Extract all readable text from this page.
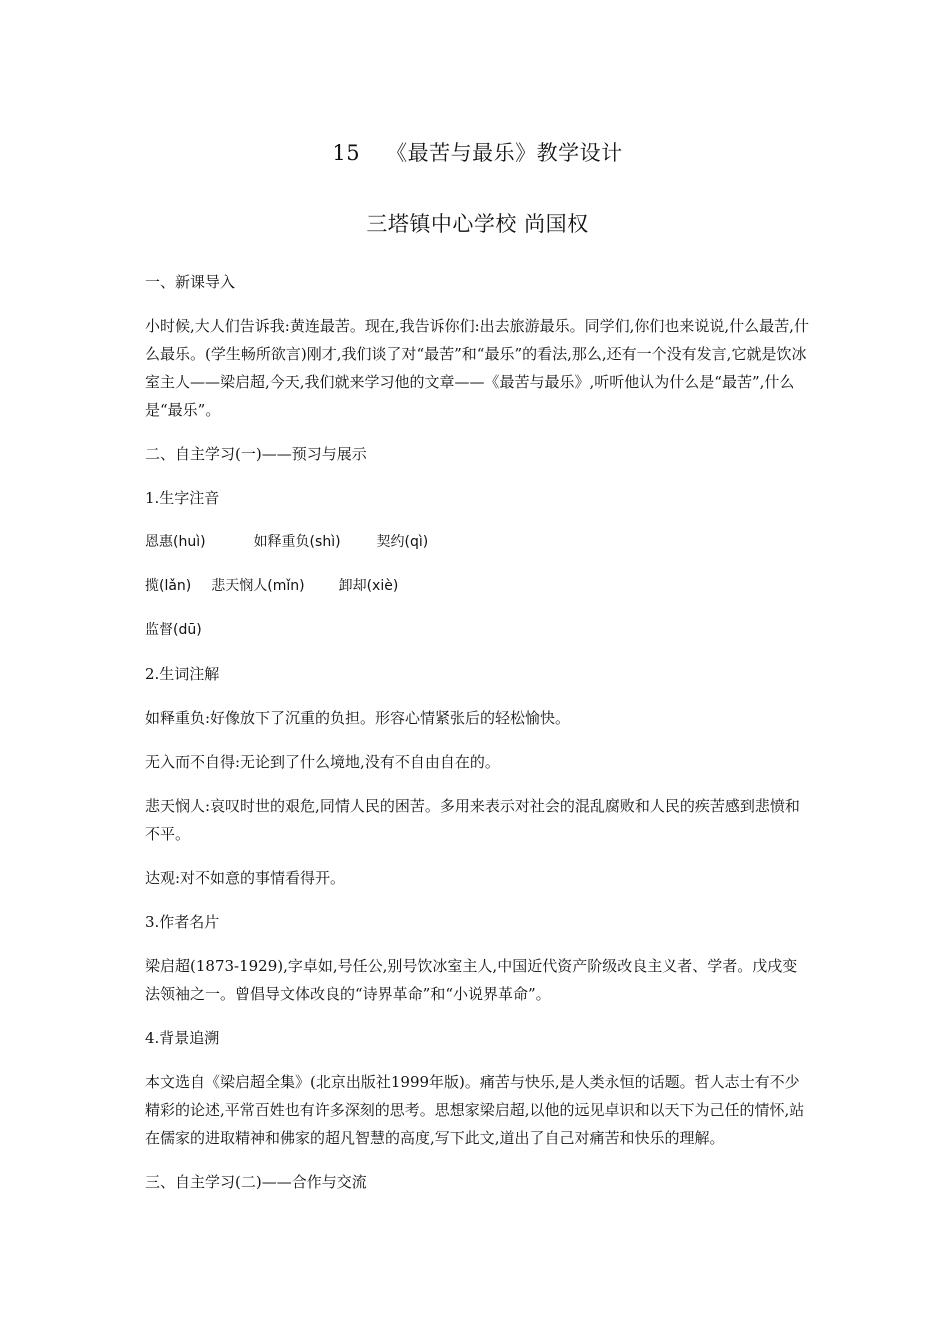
15 《最苦与最乐》教学设计
三塔镇中心学校 尚国权

一、新课导入

小时候,大人们告诉我:黄连最苦。现在,我告诉你们:出去旅游最乐。同学们,你们也来说说,什么最苦,什么最乐。(学生畅所欲言)刚才,我们谈了对“最苦”和“最乐”的看法,那么,还有一个没有发言,它就是饮冰室主人——梁启超,今天,我们就来学习他的文章——《最苦与最乐》,听听他认为什么是“最苦”,什么是“最乐”。

二、自主学习(一)——预习与展示

1.生字注音

恩惠(huì)	如释重负(shì)	契约(qì)

揽(lǎn) 悲天悯人(mǐn) 卸却(xiè)

监督(dū)

2.生词注解

如释重负:好像放下了沉重的负担。形容心情紧张后的轻松愉快。

无入而不自得:无论到了什么境地,没有不自由自在的。

悲天悯人:哀叹时世的艰危,同情人民的困苦。多用来表示对社会的混乱腐败和人民的疾苦感到悲愤和不平。

达观:对不如意的事情看得开。

3.作者名片

梁启超(1873-1929),字卓如,号任公,别号饮冰室主人,中国近代资产阶级改良主义者、学者。戊戌变法领袖之一。曾倡导文体改良的“诗界革命”和“小说界革命”。

4.背景追溯

本文选自《梁启超全集》(北京出版社1999年版)。痛苦与快乐,是人类永恒的话题。哲人志士有不少精彩的论述,平常百姓也有许多深刻的思考。思想家梁启超,以他的远见卓识和以天下为己任的情怀,站在儒家的进取精神和佛家的超凡智慧的高度,写下此文,道出了自己对痛苦和快乐的理解。

三、自主学习(二)——合作与交流
